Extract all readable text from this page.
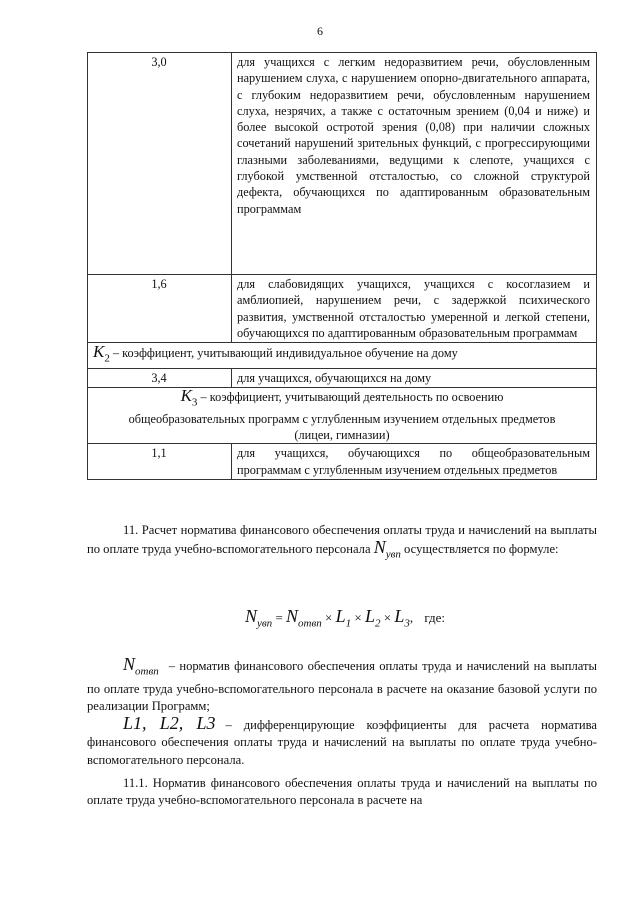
6
3,0	для учащихся с легким недоразвитием речи, обусловленным нарушением слуха, с нарушением опорно-двигательного аппарата, с глубоким недоразвитием речи, обусловленным нарушением слуха, незрячих, а также с остаточным зрением (0,04 и ниже) и более высокой остротой зрения (0,08) при наличии сложных сочетаний нарушений зрительных функций, с прогрессирующими глазными заболеваниями, ведущими к слепоте, учащихся с глубокой умственной отсталостью, со сложной структурой дефекта, обучающихся по адаптированным образовательным программам
1,6	для слабовидящих учащихся, учащихся с косоглазием и амблиопией, нарушением речи, с задержкой психического развития, умственной отсталостью умеренной и легкой степени, обучающихся по адаптированным образовательным программам
$K_2$ – коэффициент, учитывающий индивидуальное обучение на дому	
3,4	для учащихся, обучающихся на дому
$K_3$ – коэффициент, учитывающий деятельность по освоению общеобразовательных программ с углубленным изучением отдельных предметов (лицеи, гимназии)	
1,1	для учащихся, обучающихся по общеобразовательным программам с углубленным изучением отдельных предметов
11. Расчет норматива финансового обеспечения оплаты труда и начислений на выплаты по оплате труда учебно-вспомогательного персонала $N_{увп}$ осуществляется по формуле:
$N_{увп} = N_{отвп} \times L_1 \times L_2 \times L_3$, где:
$N_{отвп}$ – норматив финансового обеспечения оплаты труда и начислений на выплаты по оплате труда учебно-вспомогательного персонала в расчете на оказание базовой услуги по реализации Программ;
L1, L2, L3 – дифференцирующие коэффициенты для расчета норматива финансового обеспечения оплаты труда и начислений на выплаты по оплате труда учебно-вспомогательного персонала.
11.1. Норматив финансового обеспечения оплаты труда и начислений на выплаты по оплате труда учебно-вспомогательного персонала в расчете на
